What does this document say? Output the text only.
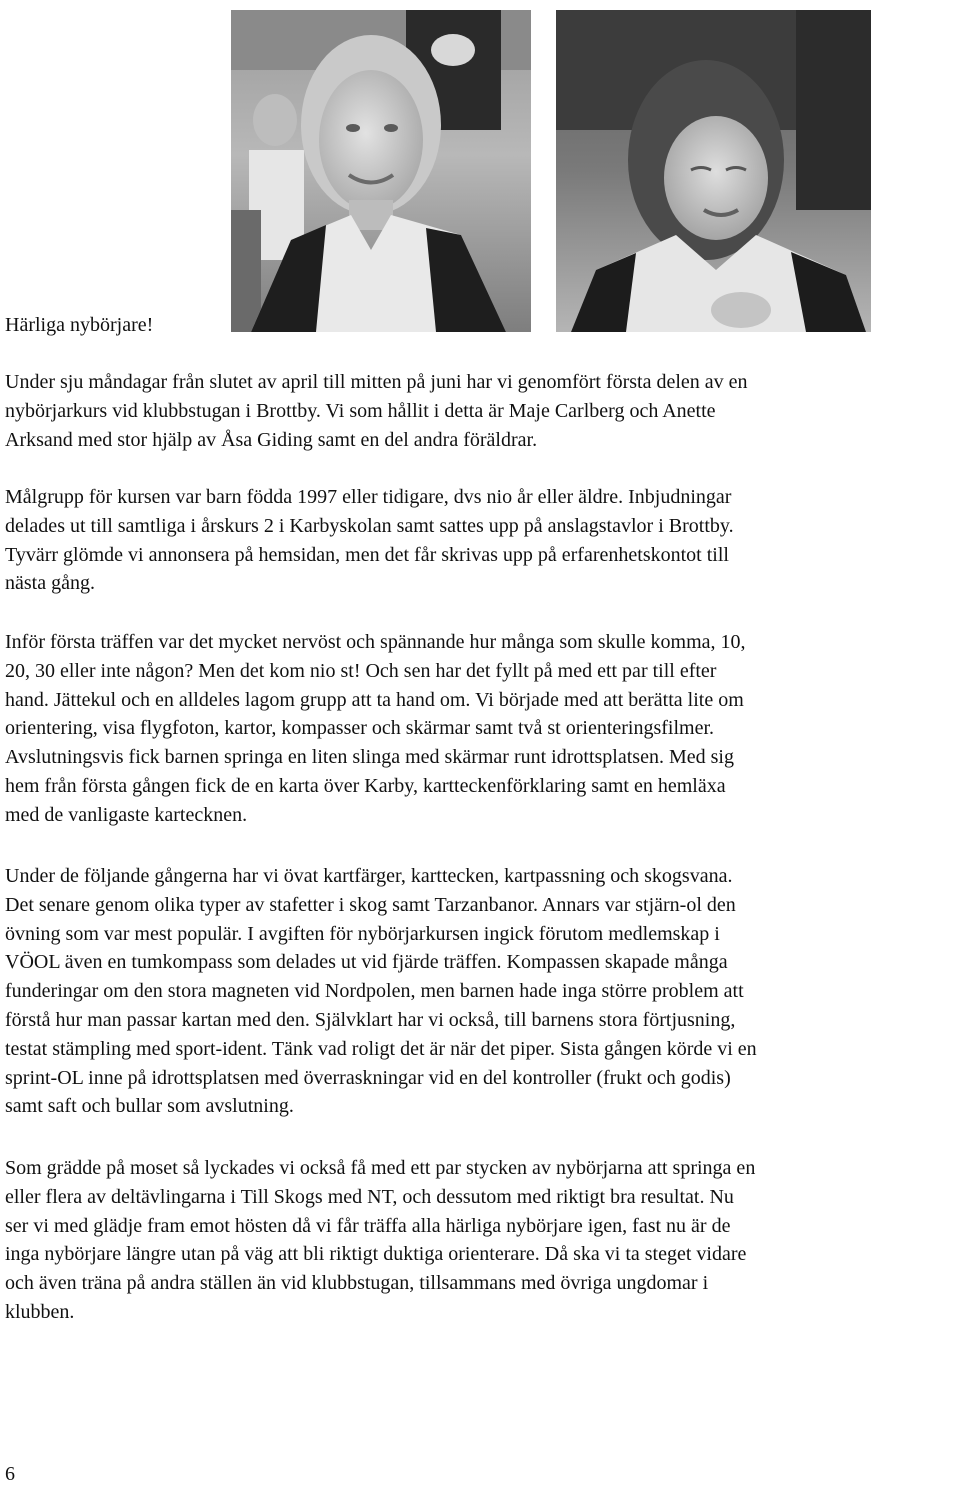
Härliga nybörjare!

Under sju måndagar från slutet av april till mitten på juni har vi genomfört första delen av en
nybörjarkurs vid klubbstugan i Brottby. Vi som hållit i detta är Maje Carlberg och Anette
Arksand med stor hjälp av Åsa Giding samt en del andra föräldrar.

Målgrupp för kursen var barn födda 1997 eller tidigare, dvs nio år eller äldre. Inbjudningar
delades ut till samtliga i årskurs 2 i Karbyskolan samt sattes upp på anslagstavlor i Brottby.
Tyvärr glömde vi annonsera på hemsidan, men det får skrivas upp på erfarenhetskontot till
nästa gång.

Inför första träffen var det mycket nervöst och spännande hur många som skulle komma, 10,
20, 30 eller inte någon? Men det kom nio st! Och sen har det fyllt på med ett par till efter
hand. Jättekul och en alldeles lagom grupp att ta hand om. Vi började med att berätta lite om
orientering, visa flygfoton, kartor, kompasser och skärmar samt två st orienteringsfilmer.
Avslutningsvis fick barnen springa en liten slinga med skärmar runt idrottsplatsen. Med sig
hem från första gången fick de en karta över Karby, kartteckenförklaring samt en hemläxa
med de vanligaste kartecknen.

Under de följande gångerna har vi övat kartfärger, karttecken, kartpassning och skogsvana.
Det senare genom olika typer av stafetter i skog samt Tarzanbanor. Annars var stjärn-ol den
övning som var mest populär. I avgiften för nybörjarkursen ingick förutom medlemskap i
VÖOL även en tumkompass som delades ut vid fjärde träffen. Kompassen skapade många
funderingar om den stora magneten vid Nordpolen, men barnen hade inga större problem att
förstå hur man passar kartan med den. Självklart har vi också, till barnens stora förtjusning,
testat stämpling med sport-ident. Tänk vad roligt det är när det piper. Sista gången körde vi en
sprint-OL inne på idrottsplatsen med överraskningar vid en del kontroller (frukt och godis)
samt saft och bullar som avslutning.

Som grädde på moset så lyckades vi också få med ett par stycken av nybörjarna att springa en
eller flera av deltävlingarna i Till Skogs med NT, och dessutom med riktigt bra resultat. Nu
ser vi med glädje fram emot hösten då vi får träffa alla härliga nybörjare igen, fast nu är de
inga nybörjare längre utan på väg att bli riktigt duktiga orienterare. Då ska vi ta steget vidare
och även träna på andra ställen än vid klubbstugan, tillsammans med övriga ungdomar i
klubben.

6
